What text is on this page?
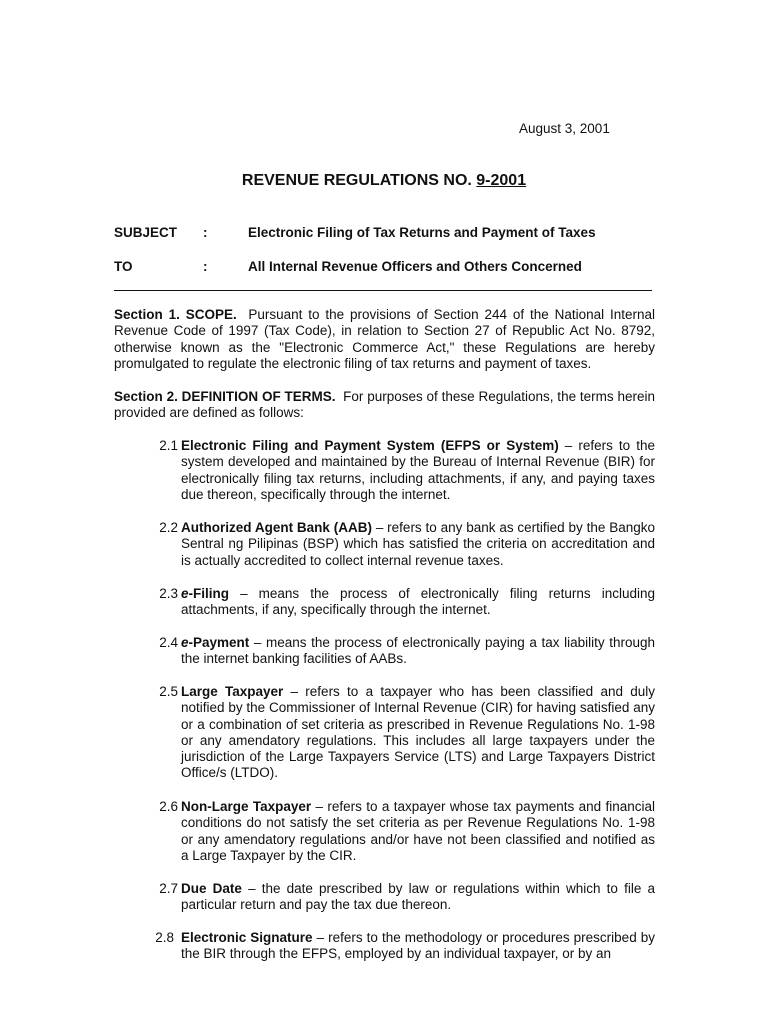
August 3, 2001
REVENUE REGULATIONS NO. 9-2001
SUBJECT	:	Electronic Filing of Tax Returns and Payment of Taxes
TO	:	All Internal Revenue Officers and Others Concerned
Section 1. SCOPE. Pursuant to the provisions of Section 244 of the National Internal Revenue Code of 1997 (Tax Code), in relation to Section 27 of Republic Act No. 8792, otherwise known as the "Electronic Commerce Act," these Regulations are hereby promulgated to regulate the electronic filing of tax returns and payment of taxes.
Section 2. DEFINITION OF TERMS. For purposes of these Regulations, the terms herein provided are defined as follows:
2.1 Electronic Filing and Payment System (EFPS or System) – refers to the system developed and maintained by the Bureau of Internal Revenue (BIR) for electronically filing tax returns, including attachments, if any, and paying taxes due thereon, specifically through the internet.
2.2 Authorized Agent Bank (AAB) – refers to any bank as certified by the Bangko Sentral ng Pilipinas (BSP) which has satisfied the criteria on accreditation and is actually accredited to collect internal revenue taxes.
2.3 e-Filing – means the process of electronically filing returns including attachments, if any, specifically through the internet.
2.4 e-Payment – means the process of electronically paying a tax liability through the internet banking facilities of AABs.
2.5 Large Taxpayer – refers to a taxpayer who has been classified and duly notified by the Commissioner of Internal Revenue (CIR) for having satisfied any or a combination of set criteria as prescribed in Revenue Regulations No. 1-98 or any amendatory regulations. This includes all large taxpayers under the jurisdiction of the Large Taxpayers Service (LTS) and Large Taxpayers District Office/s (LTDO).
2.6 Non-Large Taxpayer – refers to a taxpayer whose tax payments and financial conditions do not satisfy the set criteria as per Revenue Regulations No. 1-98 or any amendatory regulations and/or have not been classified and notified as a Large Taxpayer by the CIR.
2.7 Due Date – the date prescribed by law or regulations within which to file a particular return and pay the tax due thereon.
2.8 Electronic Signature – refers to the methodology or procedures prescribed by the BIR through the EFPS, employed by an individual taxpayer, or by an
